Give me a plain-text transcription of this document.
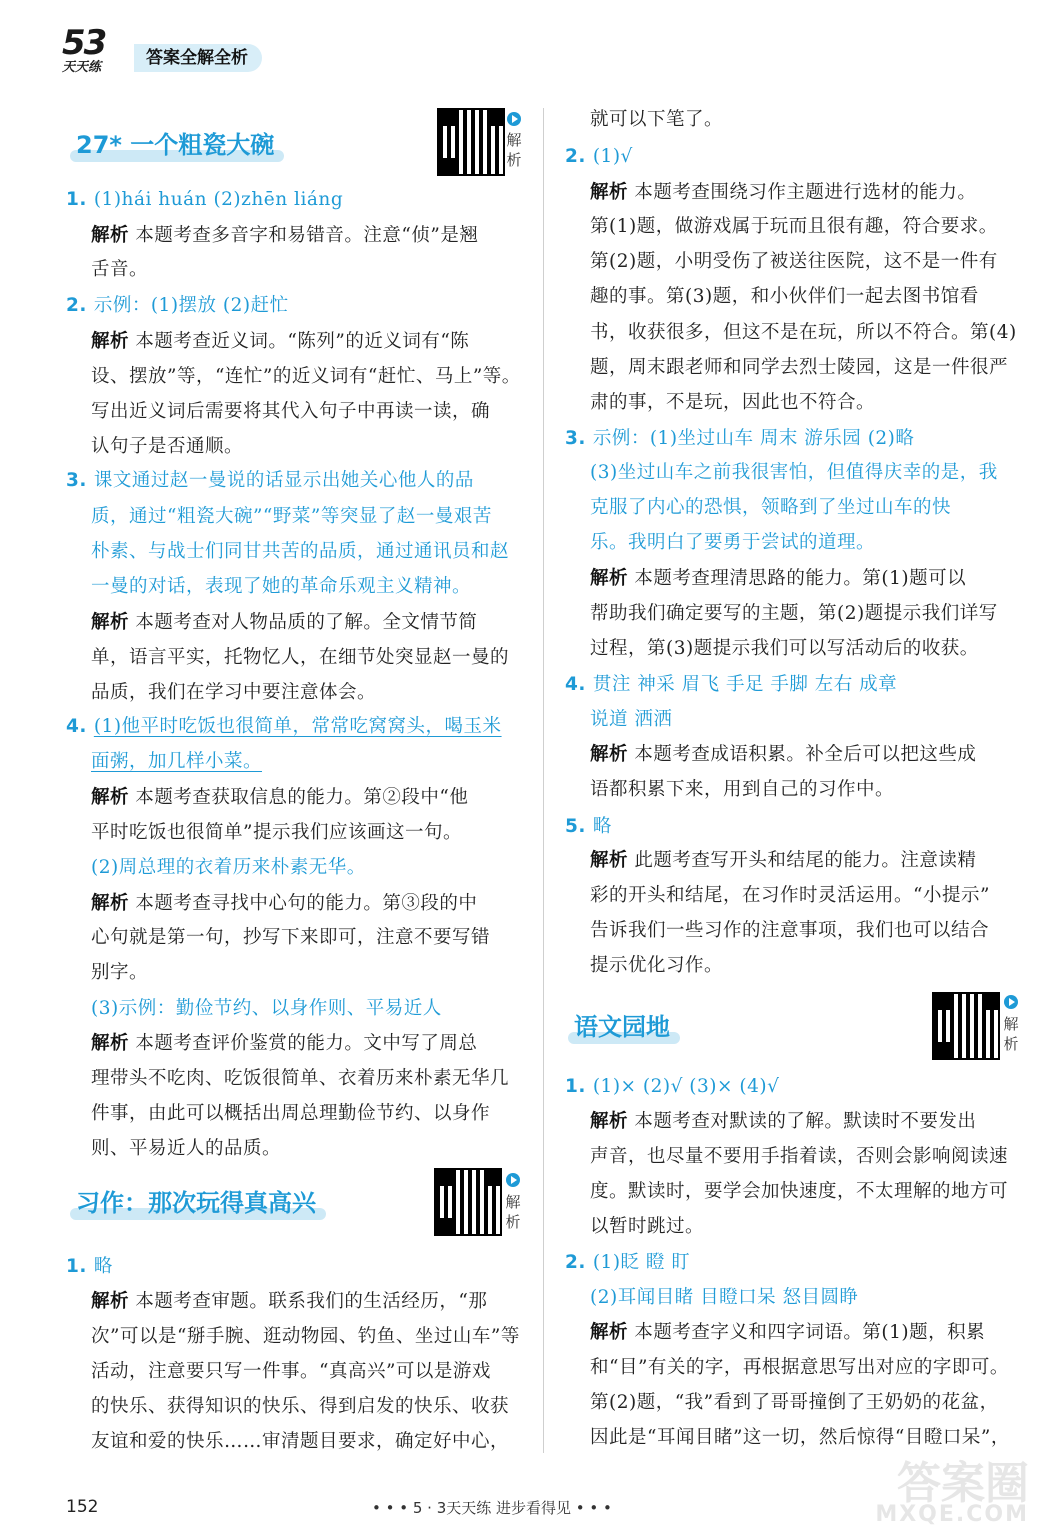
53
天天练	答案全解全析
27* 一个粗瓷大碗	解析
习作：那次玩得真高兴	解析
语文园地	解析
1. (1)hái huán (2)zhēn liáng
解析 本题考查多音字和易错音。注意“侦”是翘
舌音。
2. 示例：(1)摆放 (2)赶忙
解析 本题考查近义词。“陈列”的近义词有“陈
设、摆放”等，“连忙”的近义词有“赶忙、马上”等。
写出近义词后需要将其代入句子中再读一读，确
认句子是否通顺。
3. 课文通过赵一曼说的话显示出她关心他人的品
质，通过“粗瓷大碗”“野菜”等突显了赵一曼艰苦
朴素、与战士们同甘共苦的品质，通过通讯员和赵
一曼的对话，表现了她的革命乐观主义精神。
解析 本题考查对人物品质的了解。全文情节简
单，语言平实，托物忆人，在细节处突显赵一曼的
品质，我们在学习中要注意体会。
4. (1)他平时吃饭也很简单，常常吃窝窝头，喝玉米
面粥，加几样小菜。
解析 本题考查获取信息的能力。第②段中“他
平时吃饭也很简单”提示我们应该画这一句。
(2)周总理的衣着历来朴素无华。
解析 本题考查寻找中心句的能力。第③段的中
心句就是第一句，抄写下来即可，注意不要写错
别字。
(3)示例：勤俭节约、以身作则、平易近人
解析 本题考查评价鉴赏的能力。文中写了周总
理带头不吃肉、吃饭很简单、衣着历来朴素无华几
件事，由此可以概括出周总理勤俭节约、以身作
则、平易近人的品质。
1. 略
解析 本题考查审题。联系我们的生活经历，“那
次”可以是“掰手腕、逛动物园、钓鱼、坐过山车”等
活动，注意要只写一件事。“真高兴”可以是游戏
的快乐、获得知识的快乐、得到启发的快乐、收获
友谊和爱的快乐……审清题目要求，确定好中心，
就可以下笔了。
2. (1)√
解析 本题考查围绕习作主题进行选材的能力。
第(1)题，做游戏属于玩而且很有趣，符合要求。
第(2)题，小明受伤了被送往医院，这不是一件有
趣的事。第(3)题，和小伙伴们一起去图书馆看
书，收获很多，但这不是在玩，所以不符合。第(4)
题，周末跟老师和同学去烈士陵园，这是一件很严
肃的事，不是玩，因此也不符合。
3. 示例：(1)坐过山车 周末 游乐园 (2)略
(3)坐过山车之前我很害怕，但值得庆幸的是，我
克服了内心的恐惧，领略到了坐过山车的快
乐。我明白了要勇于尝试的道理。
解析 本题考查理清思路的能力。第(1)题可以
帮助我们确定要写的主题，第(2)题提示我们详写
过程，第(3)题提示我们可以写活动后的收获。
4. 贯注 神采 眉飞 手足 手脚 左右 成章
说道 洒洒
解析 本题考查成语积累。补全后可以把这些成
语都积累下来，用到自己的习作中。
5. 略
解析 此题考查写开头和结尾的能力。注意读精
彩的开头和结尾，在习作时灵活运用。“小提示”
告诉我们一些习作的注意事项，我们也可以结合
提示优化习作。
1. (1)× (2)√ (3)× (4)√
解析 本题考查对默读的了解。默读时不要发出
声音，也尽量不要用手指着读，否则会影响阅读速
度。默读时，要学会加快速度，不太理解的地方可
以暂时跳过。
2. (1)眨 瞪 盯
(2)耳闻目睹 目瞪口呆 怒目圆睁
解析 本题考查字义和四字词语。第(1)题，积累
和“目”有关的字，再根据意思写出对应的字即可。
第(2)题，“我”看到了哥哥撞倒了王奶奶的花盆，
因此是“耳闻目睹”这一切，然后惊得“目瞪口呆”，
152	• • • 5 · 3天天练 进步看得见 • • •	答案圈
MXQE.COM
